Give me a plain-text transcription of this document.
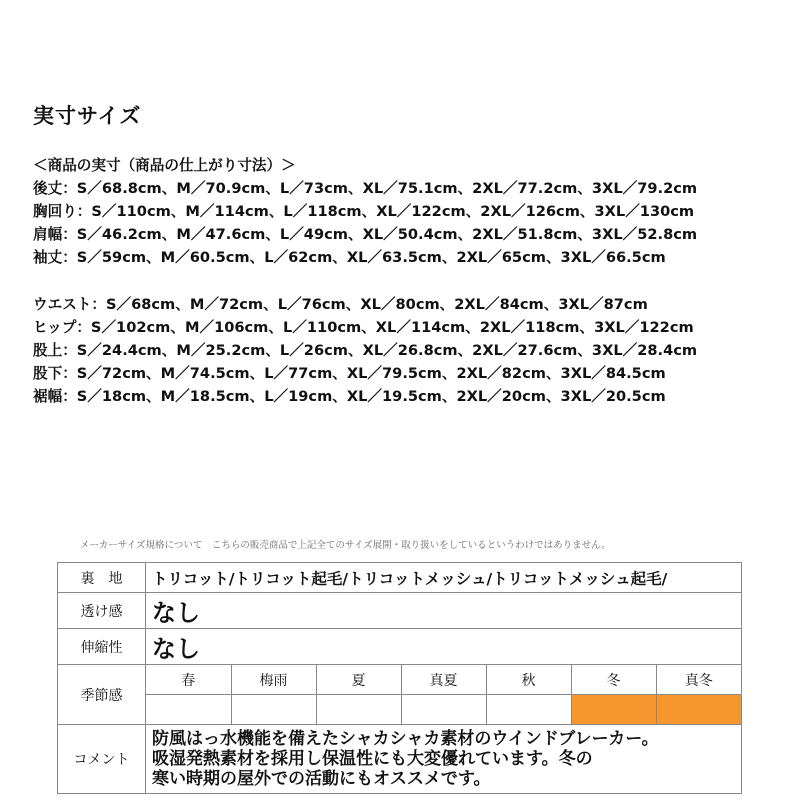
実寸サイズ
＜商品の実寸（商品の仕上がり寸法）＞
後丈：S／68.8cm、M／70.9cm、L／73cm、XL／75.1cm、2XL／77.2cm、3XL／79.2cm
胸回り：S／110cm、M／114cm、L／118cm、XL／122cm、2XL／126cm、3XL／130cm
肩幅：S／46.2cm、M／47.6cm、L／49cm、XL／50.4cm、2XL／51.8cm、3XL／52.8cm
袖丈：S／59cm、M／60.5cm、L／62cm、XL／63.5cm、2XL／65cm、3XL／66.5cm
ウエスト：S／68cm、M／72cm、L／76cm、XL／80cm、2XL／84cm、3XL／87cm
ヒップ：S／102cm、M／106cm、L／110cm、XL／114cm、2XL／118cm、3XL／122cm
股上：S／24.4cm、M／25.2cm、L／26cm、XL／26.8cm、2XL／27.6cm、3XL／28.4cm
股下：S／72cm、M／74.5cm、L／77cm、XL／79.5cm、2XL／82cm、3XL／84.5cm
裾幅：S／18cm、M／18.5cm、L／19cm、XL／19.5cm、2XL／20cm、3XL／20.5cm
メーカーサイズ規格について　こちらの販売商品で上記全てのサイズ展開・取り扱いをしているというわけではありません。
裏　地	トリコット/トリコット起毛/トリコットメッシュ/トリコットメッシュ起毛/
透け感	なし
伸縮性	なし
季節感	
春	梅雨	夏	真夏	秋	冬	真冬

コメント	
防風はっ水機能を備えたシャカシャカ素材のウインドブレーカー。
吸湿発熱素材を採用し保温性にも大変優れています。冬の
寒い時期の屋外での活動にもオススメです。
